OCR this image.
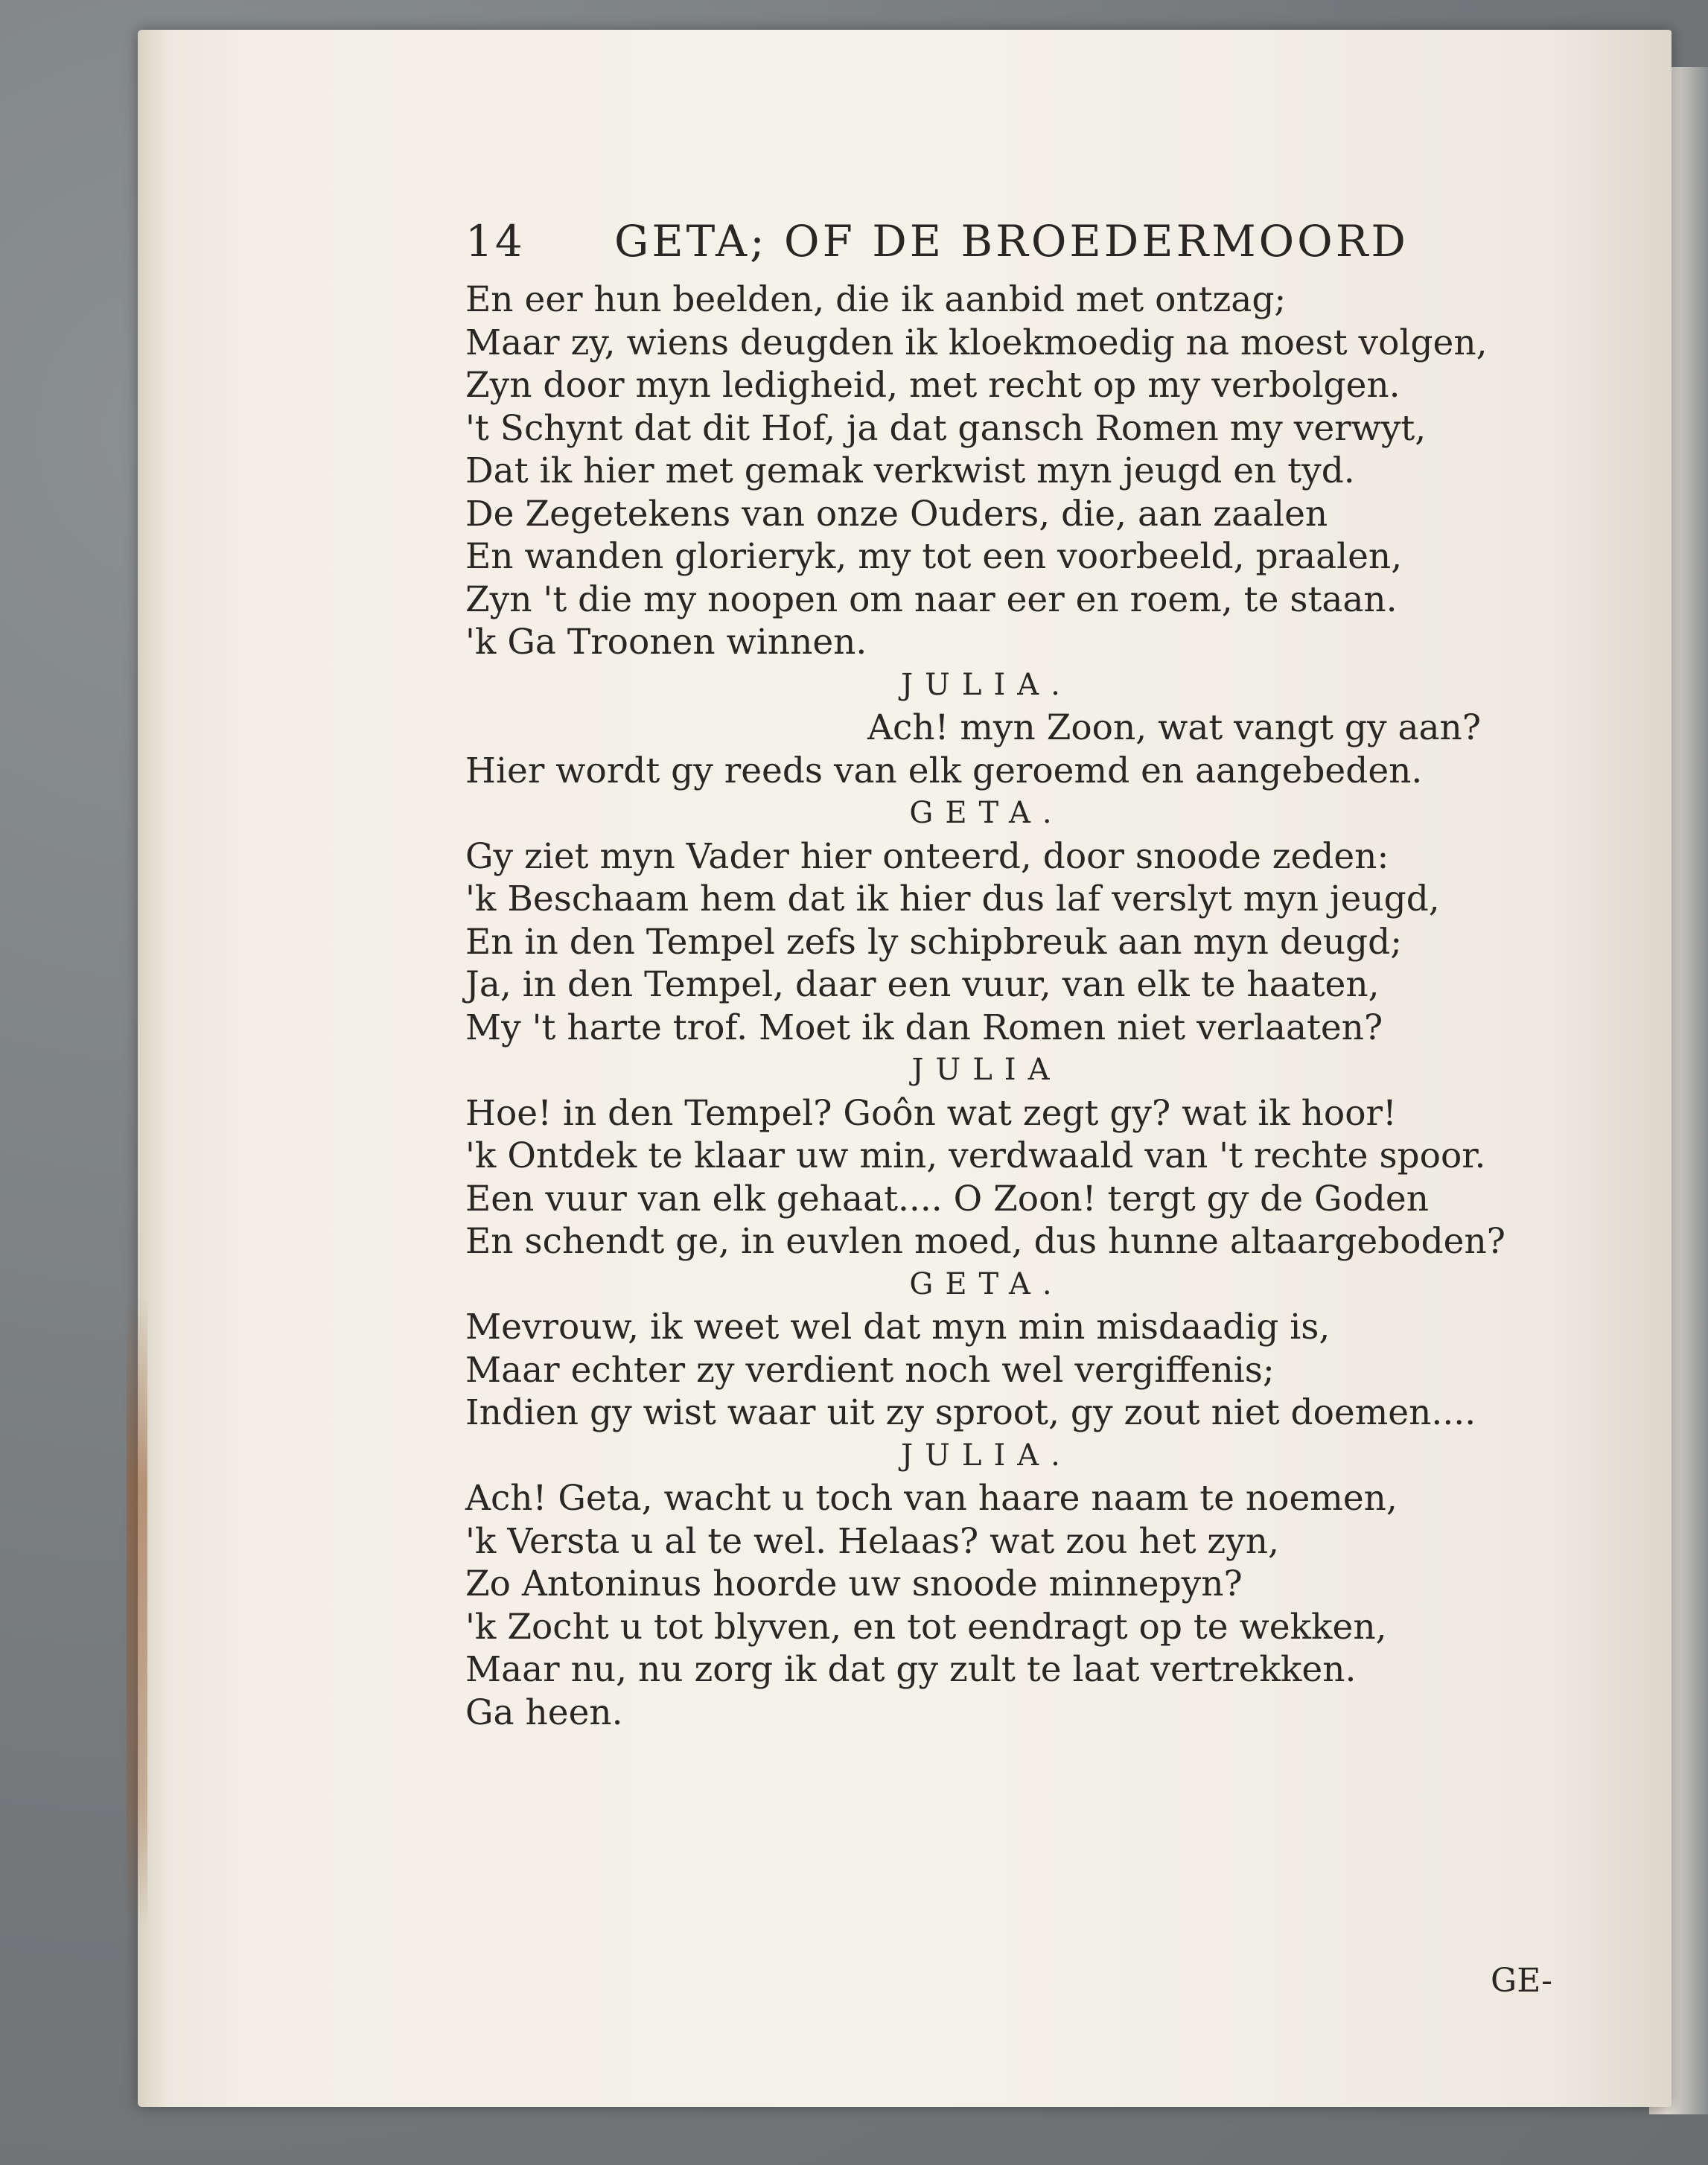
14 GETA; OF DE BROEDERMOORD
En eer hun beelden, die ik aanbid met ontzag;
Maar zy, wiens deugden ik kloekmoedig na moest volgen,
Zyn door myn ledigheid, met recht op my verbolgen.
't Schynt dat dit Hof, ja dat gansch Romen my verwyt,
Dat ik hier met gemak verkwist myn jeugd en tyd.
De Zegetekens van onze Ouders, die, aan zaalen
En wanden glorieryk, my tot een voorbeeld, praalen,
Zyn 't die my noopen om naar eer en roem, te staan.
'k Ga Troonen winnen.
JULIA.
Ach! myn Zoon, wat vangt gy aan?
Hier wordt gy reeds van elk geroemd en aangebeden.
GETA.
Gy ziet myn Vader hier onteerd, door snoode zeden:
'k Beschaam hem dat ik hier dus laf verslyt myn jeugd,
En in den Tempel zefs ly schipbreuk aan myn deugd;
Ja, in den Tempel, daar een vuur, van elk te haaten,
My 't harte trof. Moet ik dan Romen niet verlaaten?
JULIA
Hoe! in den Tempel? Goôn wat zegt gy? wat ik hoor!
'k Ontdek te klaar uw min, verdwaald van 't rechte spoor.
Een vuur van elk gehaat.... O Zoon! tergt gy de Goden
En schendt ge, in euvlen moed, dus hunne altaargeboden?
GETA.
Mevrouw, ik weet wel dat myn min misdaadig is,
Maar echter zy verdient noch wel vergiffenis;
Indien gy wist waar uit zy sproot, gy zout niet doemen....
JULIA.
Ach! Geta, wacht u toch van haare naam te noemen,
'k Versta u al te wel. Helaas? wat zou het zyn,
Zo Antoninus hoorde uw snoode minnepyn?
'k Zocht u tot blyven, en tot eendragt op te wekken,
Maar nu, nu zorg ik dat gy zult te laat vertrekken.
Ga heen.
GE-
